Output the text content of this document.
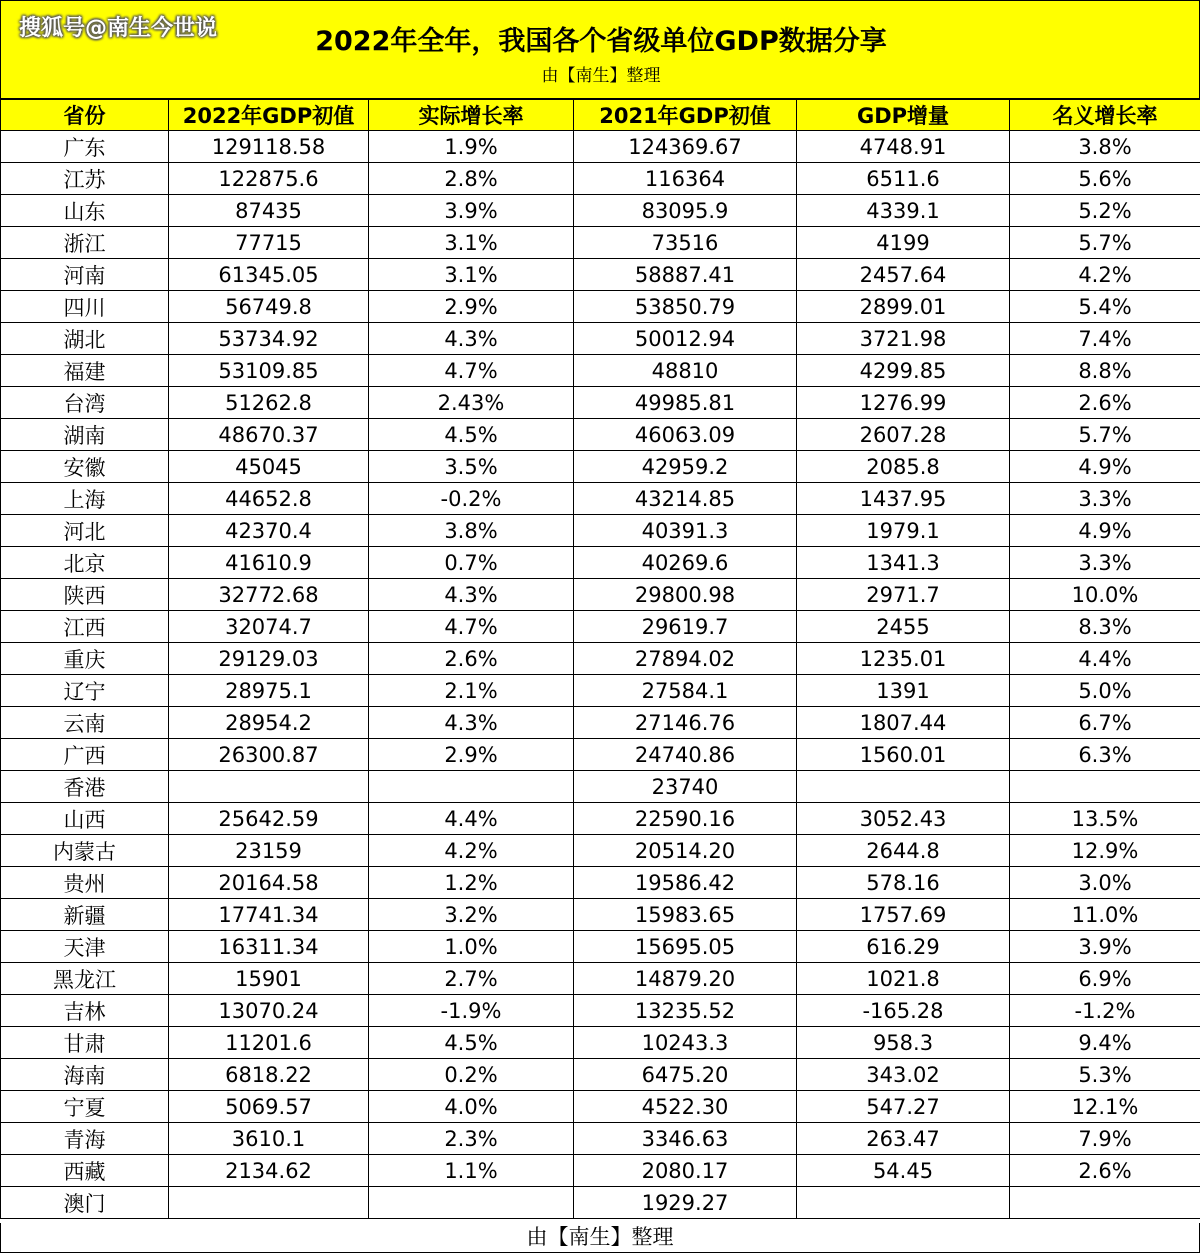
搜狐号@南生今世说	2022年全年，我国各个省级单位GDP数据分享
由【南生】整理
省份	2022年GDP初值	实际增长率	2021年GDP初值	GDP增量	名义增长率
广东	129118.58	1.9%	124369.67	4748.91	3.8%
江苏	122875.6	2.8%	116364	6511.6	5.6%
山东	87435	3.9%	83095.9	4339.1	5.2%
浙江	77715	3.1%	73516	4199	5.7%
河南	61345.05	3.1%	58887.41	2457.64	4.2%
四川	56749.8	2.9%	53850.79	2899.01	5.4%
湖北	53734.92	4.3%	50012.94	3721.98	7.4%
福建	53109.85	4.7%	48810	4299.85	8.8%
台湾	51262.8	2.43%	49985.81	1276.99	2.6%
湖南	48670.37	4.5%	46063.09	2607.28	5.7%
安徽	45045	3.5%	42959.2	2085.8	4.9%
上海	44652.8	-0.2%	43214.85	1437.95	3.3%
河北	42370.4	3.8%	40391.3	1979.1	4.9%
北京	41610.9	0.7%	40269.6	1341.3	3.3%
陕西	32772.68	4.3%	29800.98	2971.7	10.0%
江西	32074.7	4.7%	29619.7	2455	8.3%
重庆	29129.03	2.6%	27894.02	1235.01	4.4%
辽宁	28975.1	2.1%	27584.1	1391	5.0%
云南	28954.2	4.3%	27146.76	1807.44	6.7%
广西	26300.87	2.9%	24740.86	1560.01	6.3%
香港			23740		
山西	25642.59	4.4%	22590.16	3052.43	13.5%
内蒙古	23159	4.2%	20514.20	2644.8	12.9%
贵州	20164.58	1.2%	19586.42	578.16	3.0%
新疆	17741.34	3.2%	15983.65	1757.69	11.0%
天津	16311.34	1.0%	15695.05	616.29	3.9%
黑龙江	15901	2.7%	14879.20	1021.8	6.9%
吉林	13070.24	-1.9%	13235.52	-165.28	-1.2%
甘肃	11201.6	4.5%	10243.3	958.3	9.4%
海南	6818.22	0.2%	6475.20	343.02	5.3%
宁夏	5069.57	4.0%	4522.30	547.27	12.1%
青海	3610.1	2.3%	3346.63	263.47	7.9%
西藏	2134.62	1.1%	2080.17	54.45	2.6%
澳门			1929.27		
由【南生】整理
